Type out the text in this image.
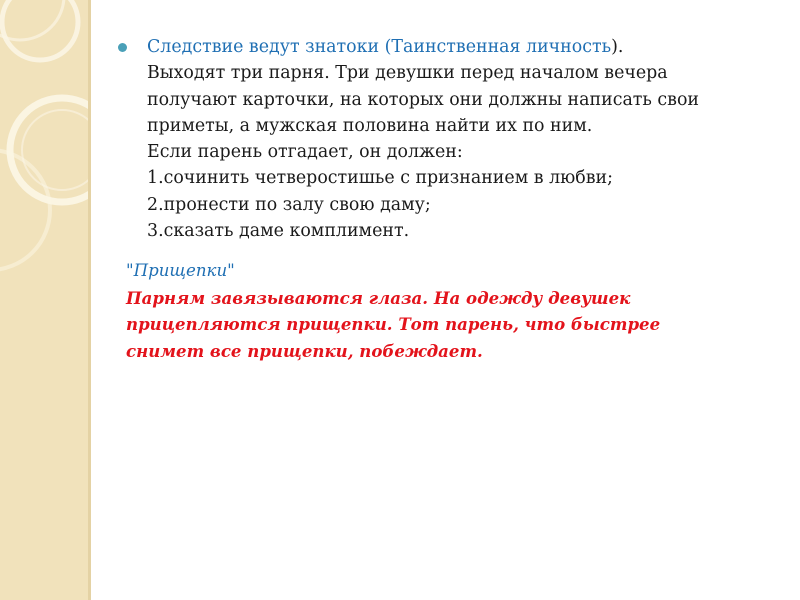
Следствие ведут знатоки (Таинственная личность).
Выходят три парня. Три девушки перед началом вечера
получают карточки, на которых они должны написать свои
приметы, а мужская половина найти их по ним.
Если парень отгадает, он должен:
1.сочинить четверостишье с признанием в любви;
2.пронести по залу свою даму;
3.сказать даме комплимент.
"Прищепки"
Парням завязываются глаза. На одежду девушек
прицепляются прищепки. Тот парень, что быстрее
снимет все прищепки, побеждает.
